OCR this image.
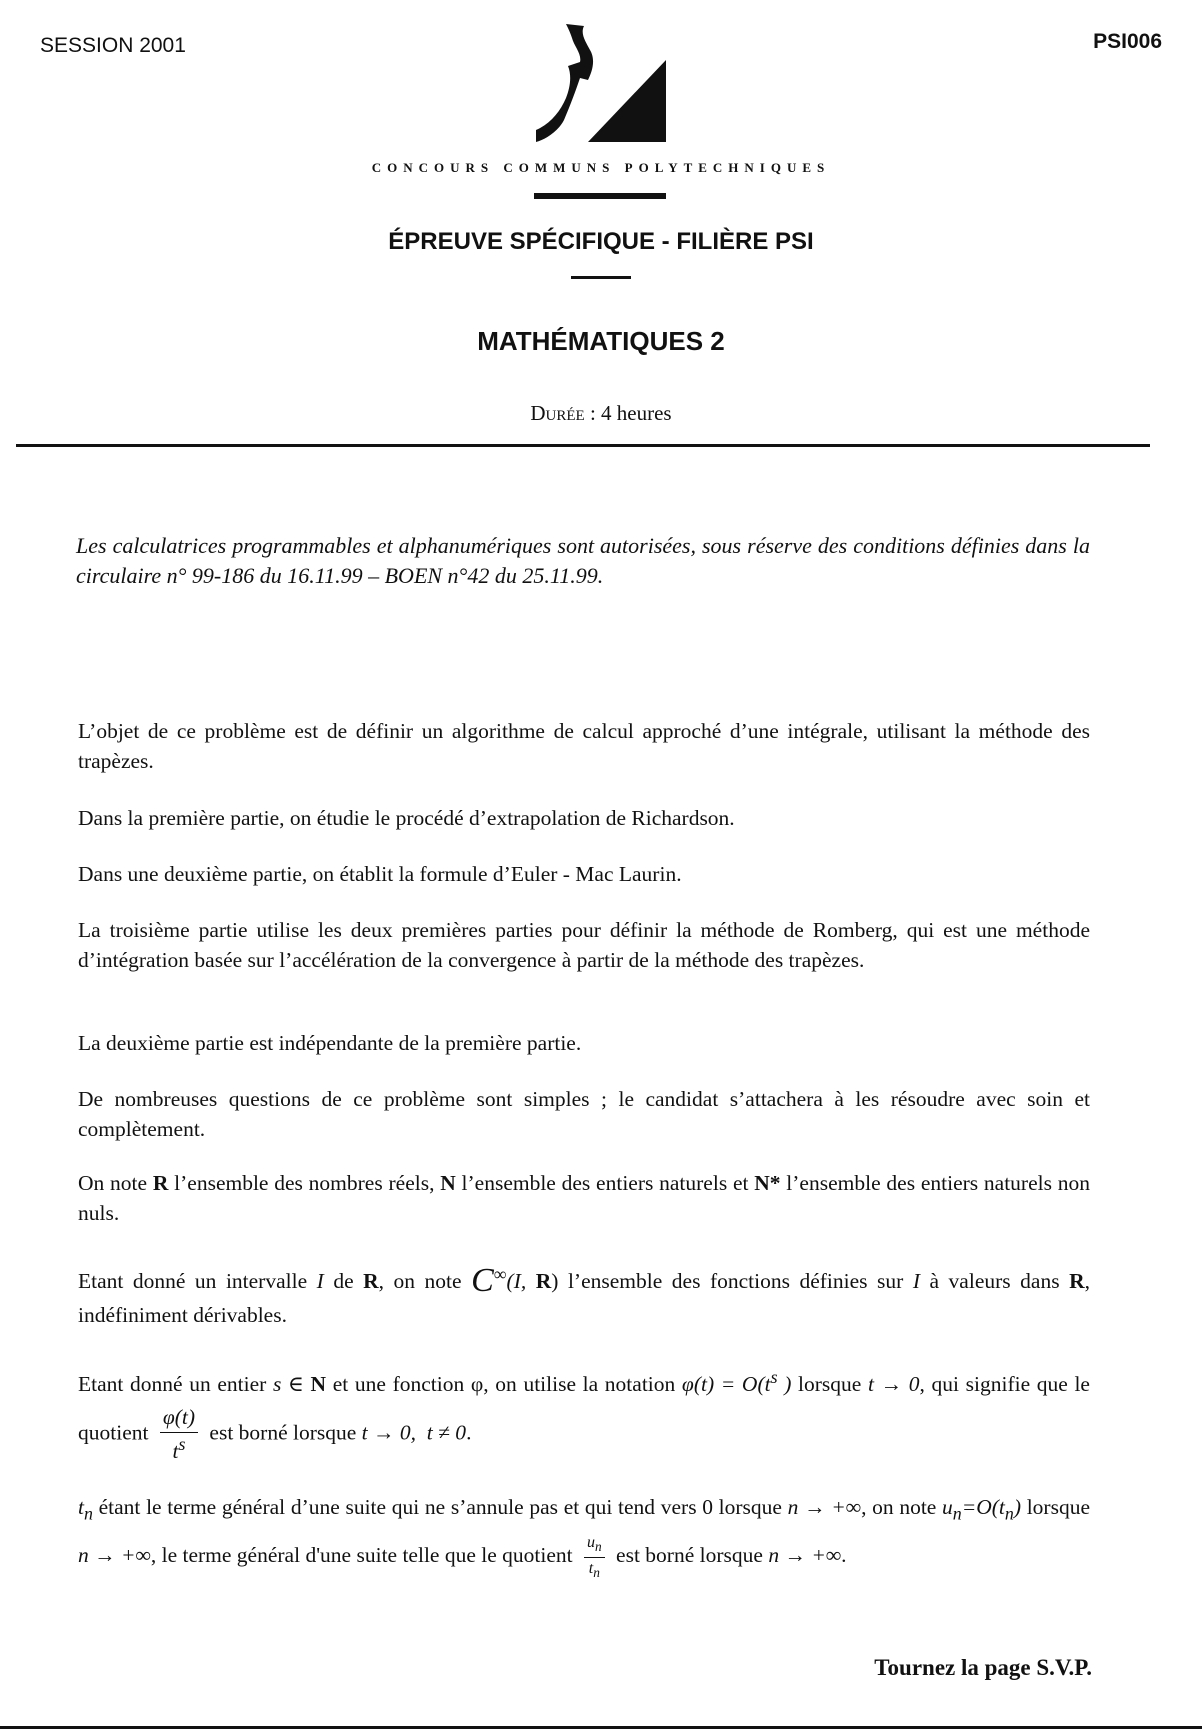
SESSION 2001	PSI006
CONCOURS COMMUNS POLYTECHNIQUES
ÉPREUVE SPÉCIFIQUE - FILIÈRE PSI
MATHÉMATIQUES 2
Durée : 4 heures
Les calculatrices programmables et alphanumériques sont autorisées, sous réserve des conditions définies dans la circulaire n° 99-186 du 16.11.99 – BOEN n°42 du 25.11.99.
L’objet de ce problème est de définir un algorithme de calcul approché d’une intégrale, utilisant la méthode des trapèzes.
Dans la première partie, on étudie le procédé d’extrapolation de Richardson.
Dans une deuxième partie, on établit la formule d’Euler - Mac Laurin.
La troisième partie utilise les deux premières parties pour définir la méthode de Romberg, qui est une méthode d’intégration basée sur l’accélération de la convergence à partir de la méthode des trapèzes.
La deuxième partie est indépendante de la première partie.
De nombreuses questions de ce problème sont simples ; le candidat s’attachera à les résoudre avec soin et complètement.
On note R l’ensemble des nombres réels, N l’ensemble des entiers naturels et N* l’ensemble des entiers naturels non nuls.
Etant donné un intervalle I de R, on note C∞(I, R) l’ensemble des fonctions définies sur I à valeurs dans R, indéfiniment dérivables.
Etant donné un entier s ∈ N et une fonction φ, on utilise la notation $\varphi(t) = O(t^s$ ) lorsque t → 0, qui signifie que le quotient $\frac{\varphi(t)}{t^s}$ est borné lorsque t → 0, t ≠ 0.
$t_n$ étant le terme général d’une suite qui ne s’annule pas et qui tend vers 0 lorsque n → +∞, on note $u_n=O(t_n)$ lorsque n → +∞, le terme général d'une suite telle que le quotient $\frac{u_n}{t_n}$ est borné lorsque n → +∞.
Tournez la page S.V.P.
